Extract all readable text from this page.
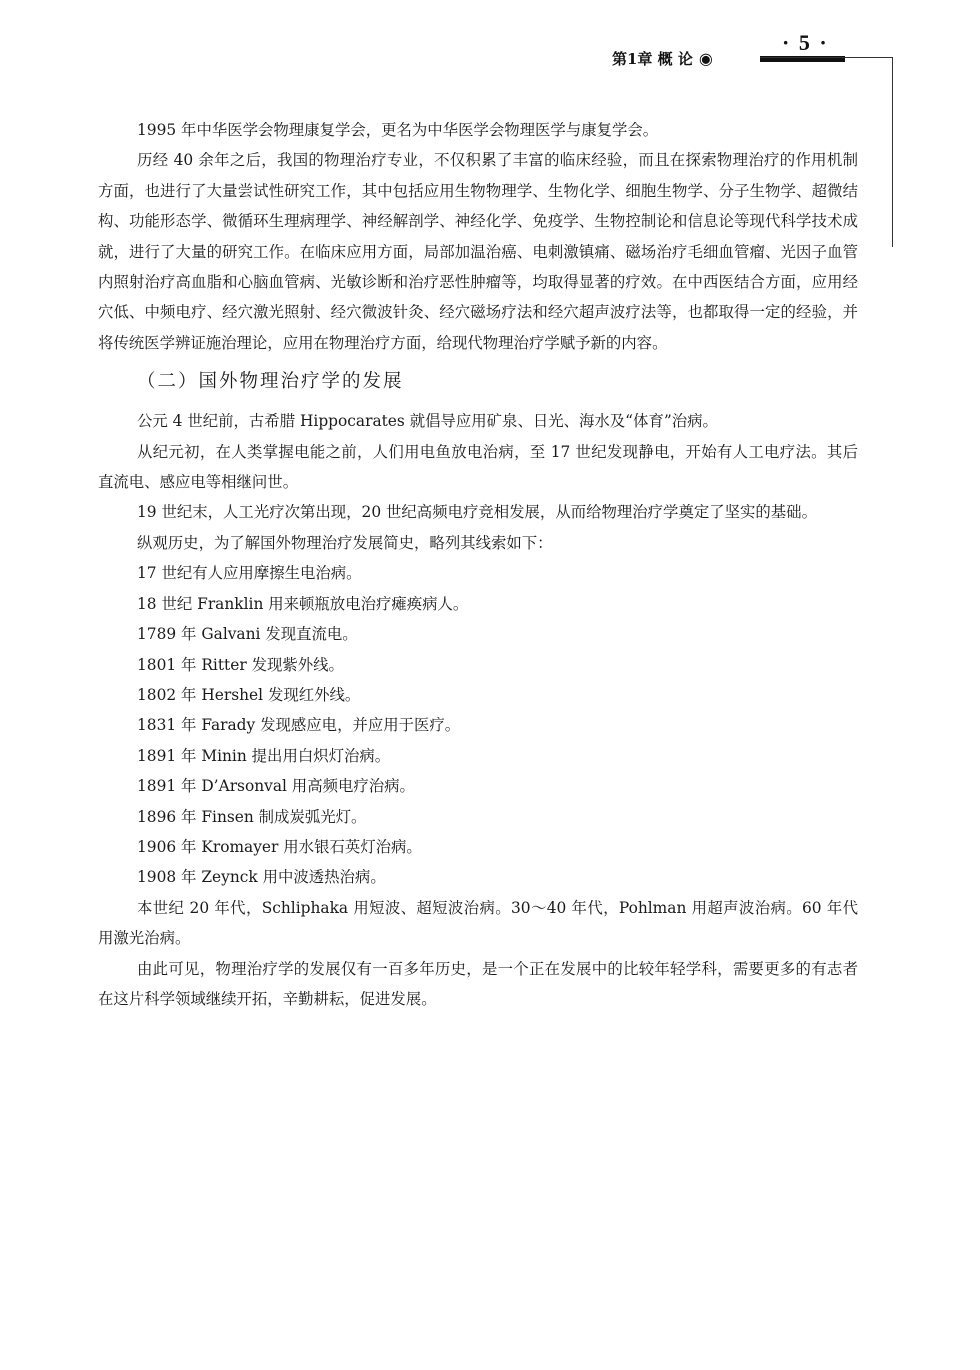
· 5 ·
第1章 概 论 ◉

1995 年中华医学会物理康复学会，更名为中华医学会物理医学与康复学会。

历经 40 余年之后，我国的物理治疗专业，不仅积累了丰富的临床经验，而且在探索物理治疗的作用机制方面，也进行了大量尝试性研究工作，其中包括应用生物物理学、生物化学、细胞生物学、分子生物学、超微结构、功能形态学、微循环生理病理学、神经解剖学、神经化学、免疫学、生物控制论和信息论等现代科学技术成就，进行了大量的研究工作。在临床应用方面，局部加温治癌、电刺激镇痛、磁场治疗毛细血管瘤、光因子血管内照射治疗高血脂和心脑血管病、光敏诊断和治疗恶性肿瘤等，均取得显著的疗效。在中西医结合方面，应用经穴低、中频电疗、经穴激光照射、经穴微波针灸、经穴磁场疗法和经穴超声波疗法等，也都取得一定的经验，并将传统医学辨证施治理论，应用在物理治疗方面，给现代物理治疗学赋予新的内容。

（二）国外物理治疗学的发展

公元 4 世纪前，古希腊 Hippocarates 就倡导应用矿泉、日光、海水及“体育”治病。

从纪元初，在人类掌握电能之前，人们用电鱼放电治病，至 17 世纪发现静电，开始有人工电疗法。其后直流电、感应电等相继问世。

19 世纪末，人工光疗次第出现，20 世纪高频电疗竞相发展，从而给物理治疗学奠定了坚实的基础。

纵观历史，为了解国外物理治疗发展简史，略列其线索如下：

17 世纪有人应用摩擦生电治病。

18 世纪 Franklin 用来顿瓶放电治疗瘫痪病人。

1789 年 Galvani 发现直流电。

1801 年 Ritter 发现紫外线。

1802 年 Hershel 发现红外线。

1831 年 Farady 发现感应电，并应用于医疗。

1891 年 Minin 提出用白炽灯治病。

1891 年 D’Arsonval 用高频电疗治病。

1896 年 Finsen 制成炭弧光灯。

1906 年 Kromayer 用水银石英灯治病。

1908 年 Zeynck 用中波透热治病。

本世纪 20 年代，Schliphaka 用短波、超短波治病。30～40 年代，Pohlman 用超声波治病。60 年代用激光治病。

由此可见，物理治疗学的发展仅有一百多年历史，是一个正在发展中的比较年轻学科，需要更多的有志者在这片科学领域继续开拓，辛勤耕耘，促进发展。
